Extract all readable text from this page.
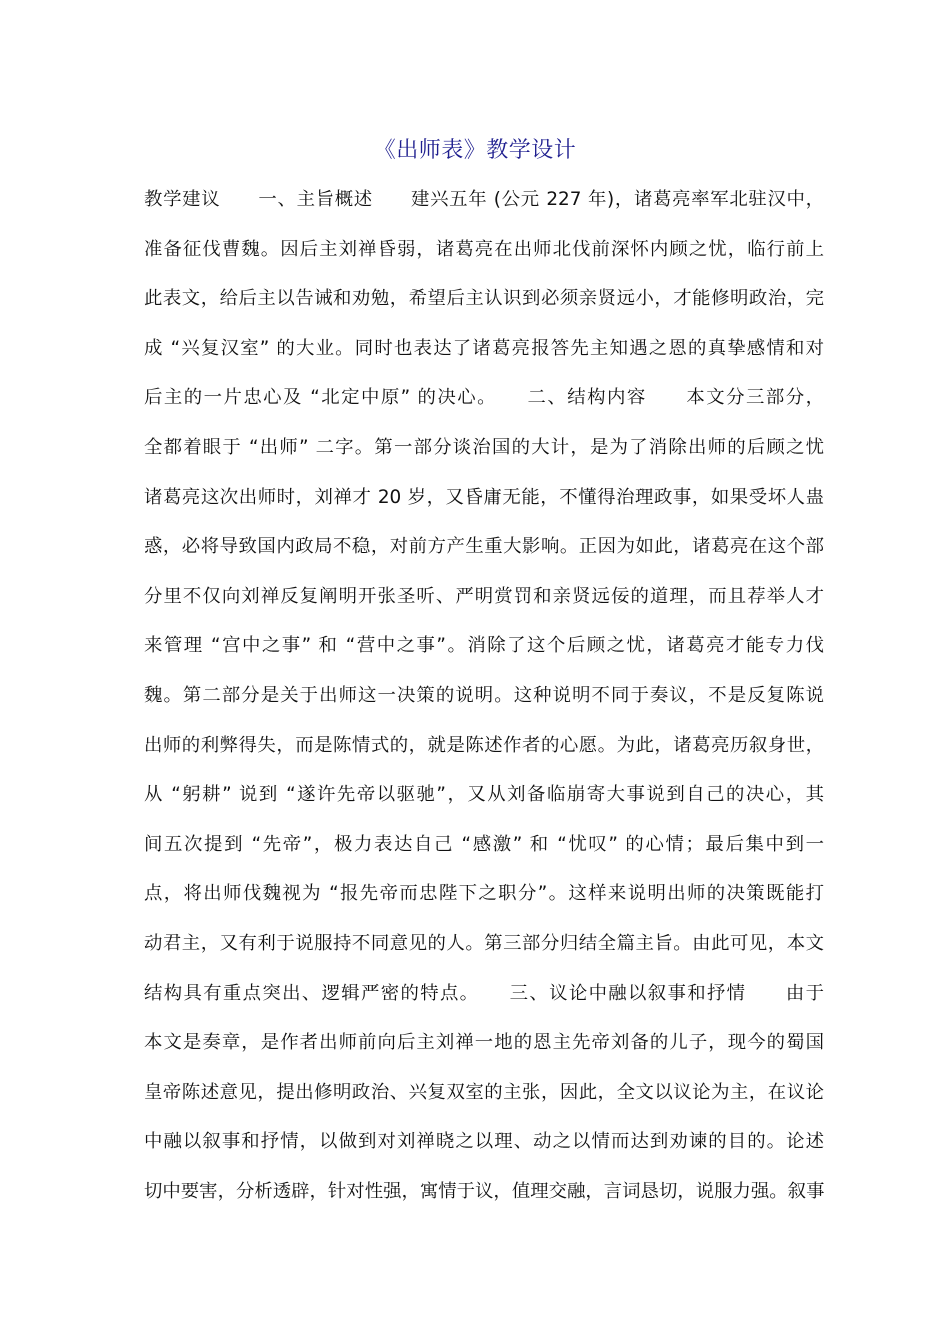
《出师表》教学设计
教学建议　　一、主旨概述　　建兴五年 (公元 227 年)，诸葛亮率军北驻汉中，
准备征伐曹魏。因后主刘禅昏弱，诸葛亮在出师北伐前深怀内顾之忧，临行前上
此表文，给后主以告诫和劝勉，希望后主认识到必须亲贤远小，才能修明政治，完
成 “兴复汉室” 的大业。同时也表达了诸葛亮报答先主知遇之恩的真挚感情和对
后主的一片忠心及 “北定中原” 的决心。　　二、结构内容　　本文分三部分，
全都着眼于 “出师” 二字。第一部分谈治国的大计，是为了消除出师的后顾之忧
诸葛亮这次出师时，刘禅才 20 岁，又昏庸无能，不懂得治理政事，如果受坏人蛊
惑，必将导致国内政局不稳，对前方产生重大影响。正因为如此，诸葛亮在这个部
分里不仅向刘禅反复阐明开张圣听、严明赏罚和亲贤远佞的道理，而且荐举人才
来管理 “宫中之事” 和 “营中之事”。消除了这个后顾之忧，诸葛亮才能专力伐
魏。第二部分是关于出师这一决策的说明。这种说明不同于奏议，不是反复陈说
出师的利弊得失，而是陈情式的，就是陈述作者的心愿。为此，诸葛亮历叙身世，
从 “躬耕” 说到 “遂许先帝以驱驰”，又从刘备临崩寄大事说到自己的决心，其
间五次提到 “先帝”，极力表达自己 “感激” 和 “忧叹” 的心情；最后集中到一
点，将出师伐魏视为 “报先帝而忠陛下之职分”。这样来说明出师的决策既能打
动君主，又有利于说服持不同意见的人。第三部分归结全篇主旨。由此可见，本文
结构具有重点突出、逻辑严密的特点。　　三、议论中融以叙事和抒情　　由于
本文是奏章，是作者出师前向后主刘禅一地的恩主先帝刘备的儿子，现今的蜀国
皇帝陈述意见，提出修明政治、兴复双室的主张，因此，全文以议论为主，在议论
中融以叙事和抒情，以做到对刘禅晓之以理、动之以情而达到劝谏的目的。论述
切中要害，分析透辟，针对性强，寓情于议，值理交融，言词恳切，说服力强。叙事
